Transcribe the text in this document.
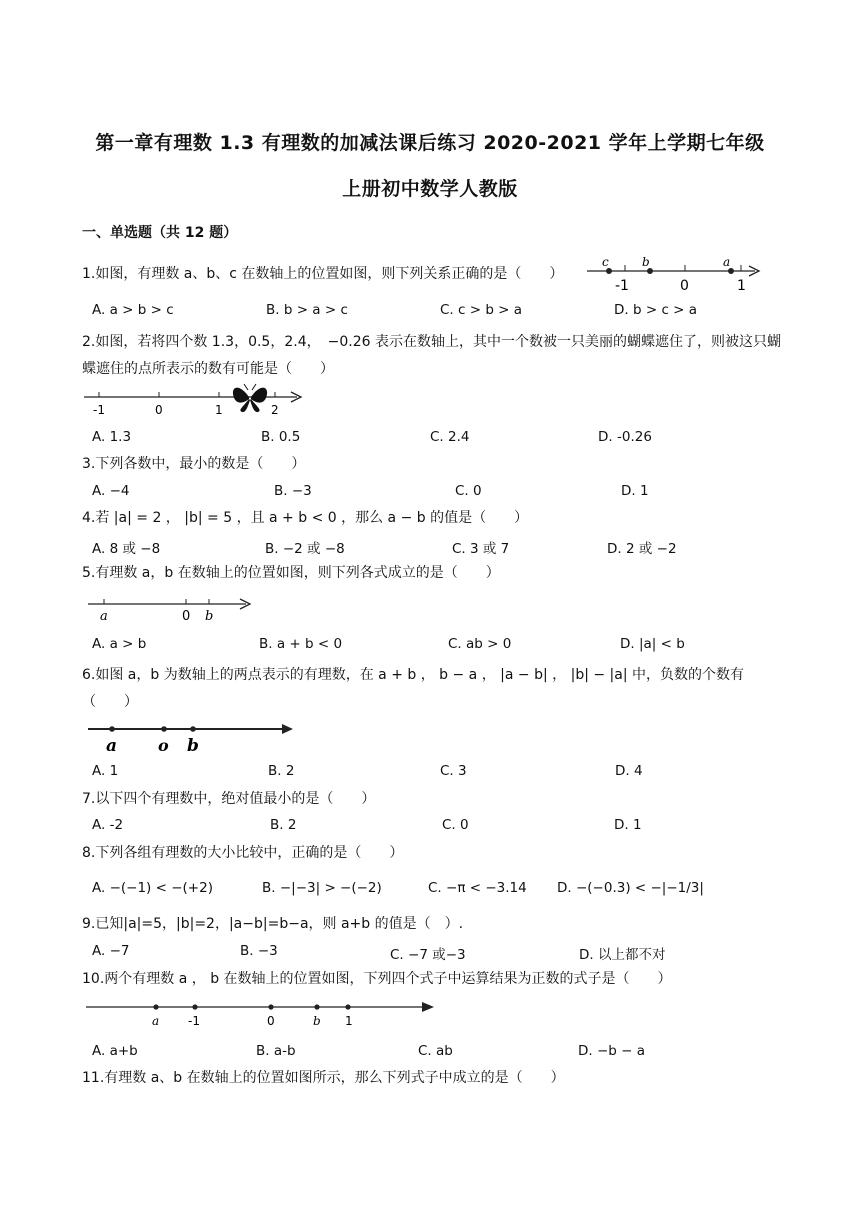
第一章有理数 1.3 有理数的加减法课后练习 2020-2021 学年上学期七年级
上册初中数学人教版
一、单选题（共 12 题）
1.如图，有理数 a、b、c 在数轴上的位置如图，则下列关系正确的是（　　）
c	b	a
-1	0	1
A. a > b > c	B. b > a > c	C. c > b > a	D. b > c > a
2.如图，若将四个数 1.3，0.5，2.4，　−0.26 表示在数轴上，其中一个数被一只美丽的蝴蝶遮住了，则被这只蝴蝶遮住的点所表示的数有可能是（　　）
-1	0	1	2
A. 1.3	B. 0.5	C. 2.4	D. -0.26
3.下列各数中，最小的数是（　　）
A. −4	B. −3	C. 0	D. 1
4.若 |a| = 2 ， |b| = 5 ，且 a + b < 0 ，那么 a − b 的值是（　　）
A. 8 或 −8	B. −2 或 −8	C. 3 或 7	D. 2 或 −2
5.有理数 a，b 在数轴上的位置如图，则下列各式成立的是（　　）
a	0 b
A. a > b	B. a + b < 0	C. ab > 0	D. |a| < b
6.如图 a，b 为数轴上的两点表示的有理数，在 a + b ， b − a ， |a − b| ， |b| − |a| 中，负数的个数有（　　）
a	o b
A. 1	B. 2	C. 3	D. 4
7.以下四个有理数中，绝对值最小的是（　　）
A. -2	B. 2	C. 0	D. 1
8.下列各组有理数的大小比较中，正确的是（　　）
A. −(−1) < −(+2)	B. −|−3| > −(−2)	C. −π < −3.14 D. −(−0.3) < −|−1/3|
9.已知|a|=5，|b|=2，|a−b|=b−a，则 a+b 的值是（　）.
A. −7	B. −3	C. −7 或−3	D. 以上都不对
10.两个有理数 a ， b 在数轴上的位置如图，下列四个式子中运算结果为正数的式子是（　　）
a -1	0	b 1
A. a+b	B. a-b	C. ab	D. −b − a
11.有理数 a、b 在数轴上的位置如图所示，那么下列式子中成立的是（　　）
